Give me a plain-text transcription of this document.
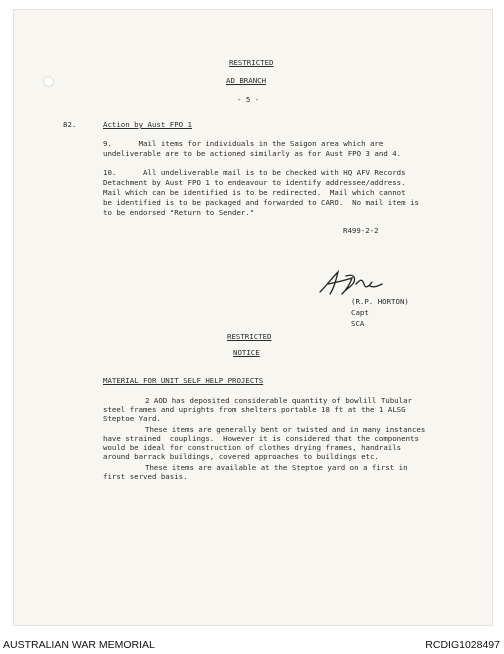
RESTRICTED
AD BRANCH
- 5 -
82.	Action by Aust FPO 1
9.      Mail items for individuals in the Saigon area which are
undeliverable are to be actioned similarly as for Aust FPO 3 and 4.
10.      All undeliverable mail is to be checked with HQ AFV Records
Detachment by Aust FPO 1 to endeavour to identify addressee/address.
Mail which can be identified is to be redirected.  Mail which cannot
be identified is to be packaged and forwarded to CARO.  No mail item is
to be endorsed "Return to Sender."
R499-2-2
(R.P. HORTON)
Capt
SCA
RESTRICTED
NOTICE
MATERIAL FOR UNIT SELF HELP PROJECTS
2 AOD has deposited considerable quantity of bowlill Tubular
steel frames and uprights from shelters portable 18 ft at the 1 ALSG
Steptoe Yard.
These items are generally bent or twisted and in many instances
have strained  couplings.  However it is considered that the components
would be ideal for construction of clothes drying frames, handrails
around barrack buildings, covered approaches to buildings etc.
These items are available at the Steptoe yard on a first in
first served basis.
AUSTRALIAN WAR MEMORIAL	RCDIG1028497
